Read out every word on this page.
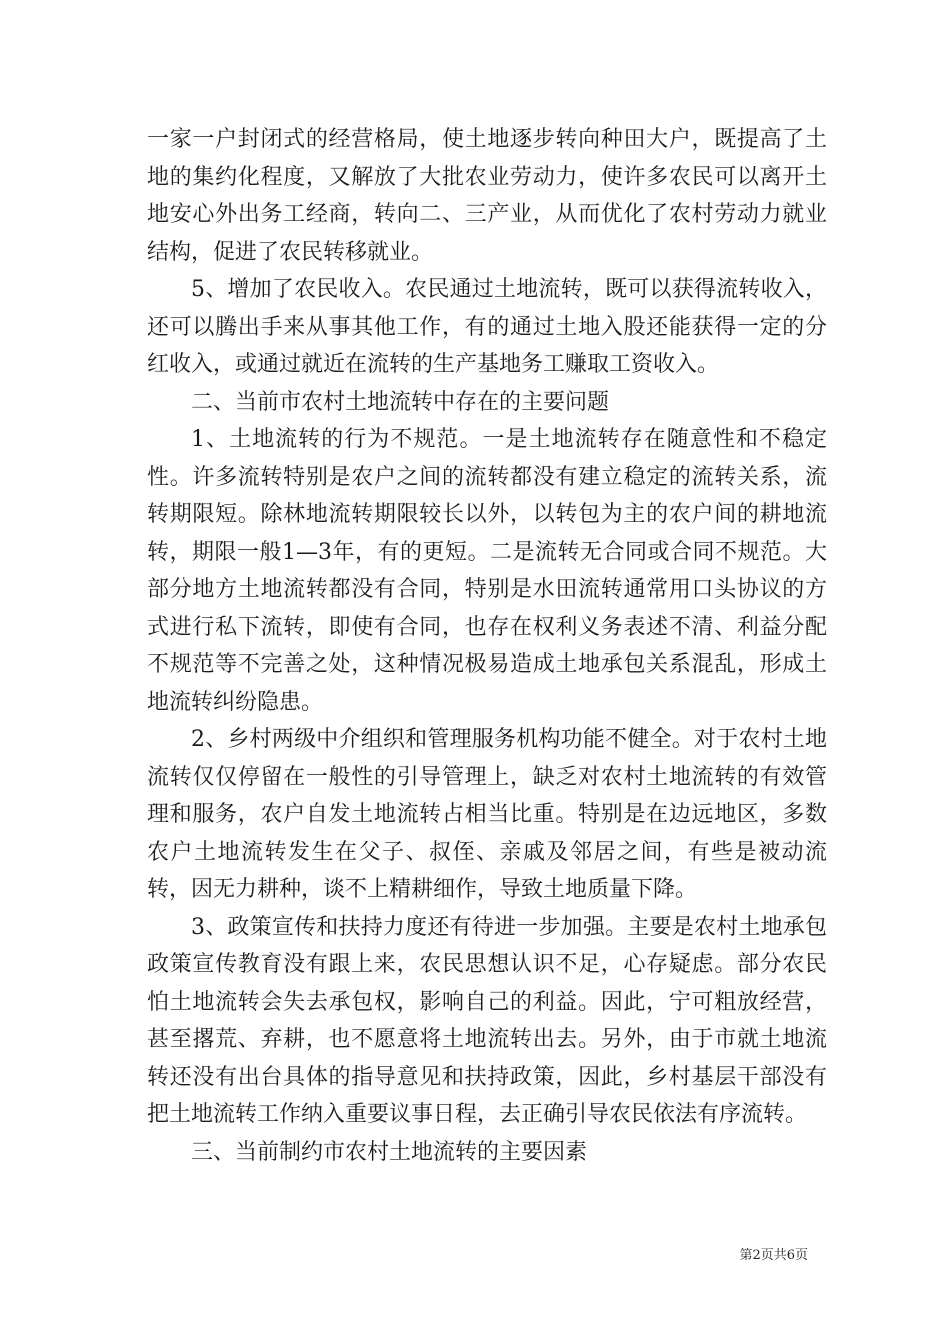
一家一户封闭式的经营格局，使土地逐步转向种田大户，既提高了土地的集约化程度，又解放了大批农业劳动力，使许多农民可以离开土地安心外出务工经商，转向二、三产业，从而优化了农村劳动力就业结构，促进了农民转移就业。

5、增加了农民收入。农民通过土地流转，既可以获得流转收入，还可以腾出手来从事其他工作，有的通过土地入股还能获得一定的分红收入，或通过就近在流转的生产基地务工赚取工资收入。

二、当前市农村土地流转中存在的主要问题

1、土地流转的行为不规范。一是土地流转存在随意性和不稳定性。许多流转特别是农户之间的流转都没有建立稳定的流转关系，流转期限短。除林地流转期限较长以外，以转包为主的农户间的耕地流转，期限一般1—3年，有的更短。二是流转无合同或合同不规范。大部分地方土地流转都没有合同，特别是水田流转通常用口头协议的方式进行私下流转，即使有合同，也存在权利义务表述不清、利益分配不规范等不完善之处，这种情况极易造成土地承包关系混乱，形成土地流转纠纷隐患。

2、乡村两级中介组织和管理服务机构功能不健全。对于农村土地流转仅仅停留在一般性的引导管理上，缺乏对农村土地流转的有效管理和服务，农户自发土地流转占相当比重。特别是在边远地区，多数农户土地流转发生在父子、叔侄、亲戚及邻居之间，有些是被动流转，因无力耕种，谈不上精耕细作，导致土地质量下降。

3、政策宣传和扶持力度还有待进一步加强。主要是农村土地承包政策宣传教育没有跟上来，农民思想认识不足，心存疑虑。部分农民怕土地流转会失去承包权，影响自己的利益。因此，宁可粗放经营，甚至撂荒、弃耕，也不愿意将土地流转出去。另外，由于市就土地流转还没有出台具体的指导意见和扶持政策，因此，乡村基层干部没有把土地流转工作纳入重要议事日程，去正确引导农民依法有序流转。

三、当前制约市农村土地流转的主要因素

第2页共6页
